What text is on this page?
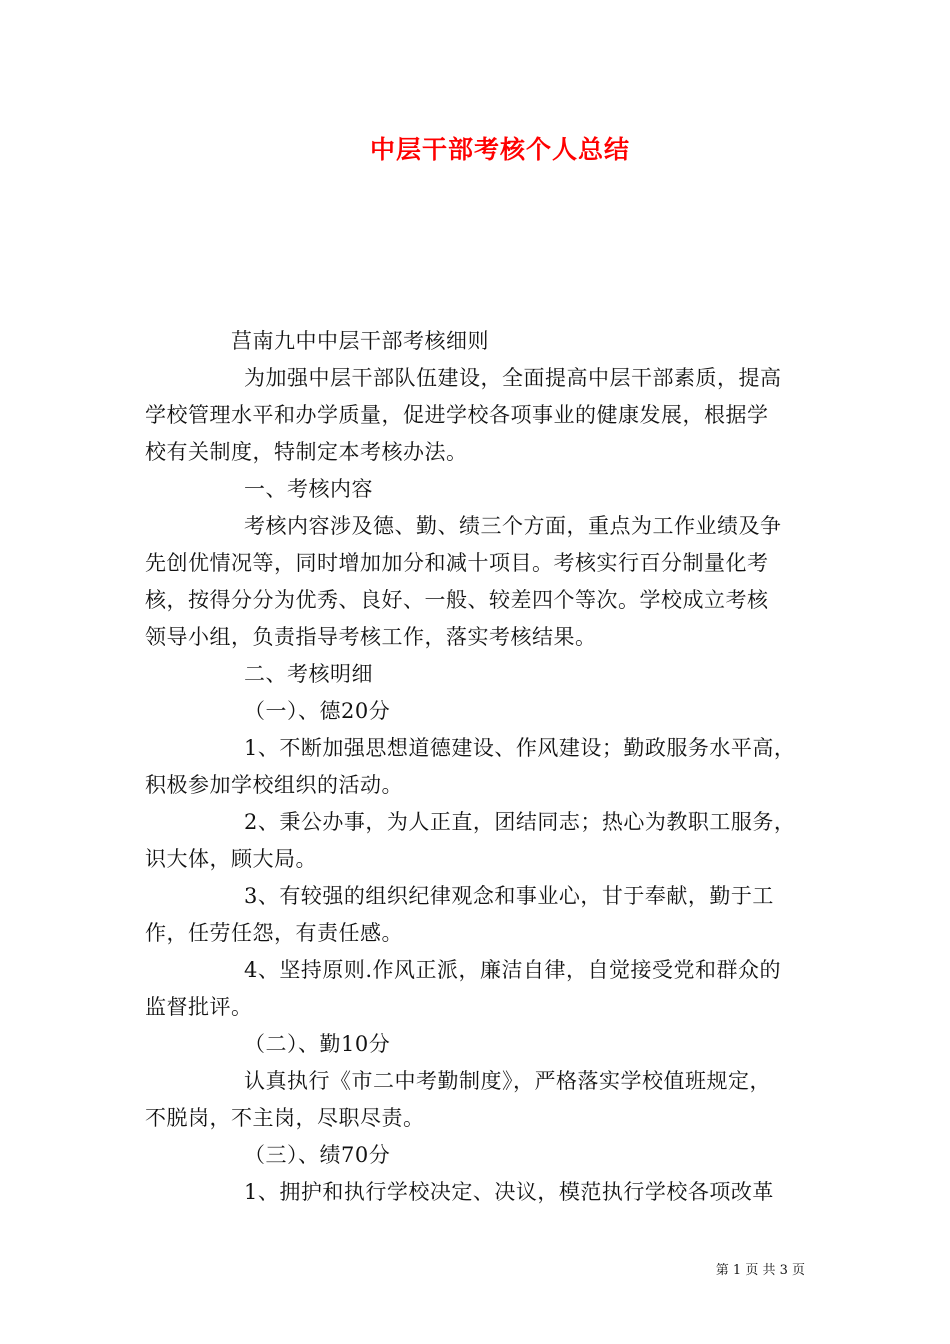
中层干部考核个人总结
莒南九中中层干部考核细则
为加强中层干部队伍建设，全面提高中层干部素质，提高
学校管理水平和办学质量，促进学校各项事业的健康发展，根据学
校有关制度，特制定本考核办法。
一、考核内容
考核内容涉及德、勤、绩三个方面，重点为工作业绩及争
先创优情况等，同时增加加分和减十项目。考核实行百分制量化考
核，按得分分为优秀、良好、一般、较差四个等次。学校成立考核
领导小组，负责指导考核工作，落实考核结果。
二、考核明细
（一）、德20分
1、不断加强思想道德建设、作风建设；勤政服务水平高，
积极参加学校组织的活动。
2、秉公办事，为人正直，团结同志；热心为教职工服务，
识大体，顾大局。
3、有较强的组织纪律观念和事业心，甘于奉献，勤于工
作，任劳任怨，有责任感。
4、坚持原则.作风正派，廉洁自律，自觉接受党和群众的
监督批评。
（二）、勤10分
认真执行《市二中考勤制度》，严格落实学校值班规定，
不脱岗，不主岗，尽职尽责。
（三）、绩70分
1、拥护和执行学校决定、决议，模范执行学校各项改革
第 1 页 共 3 页
